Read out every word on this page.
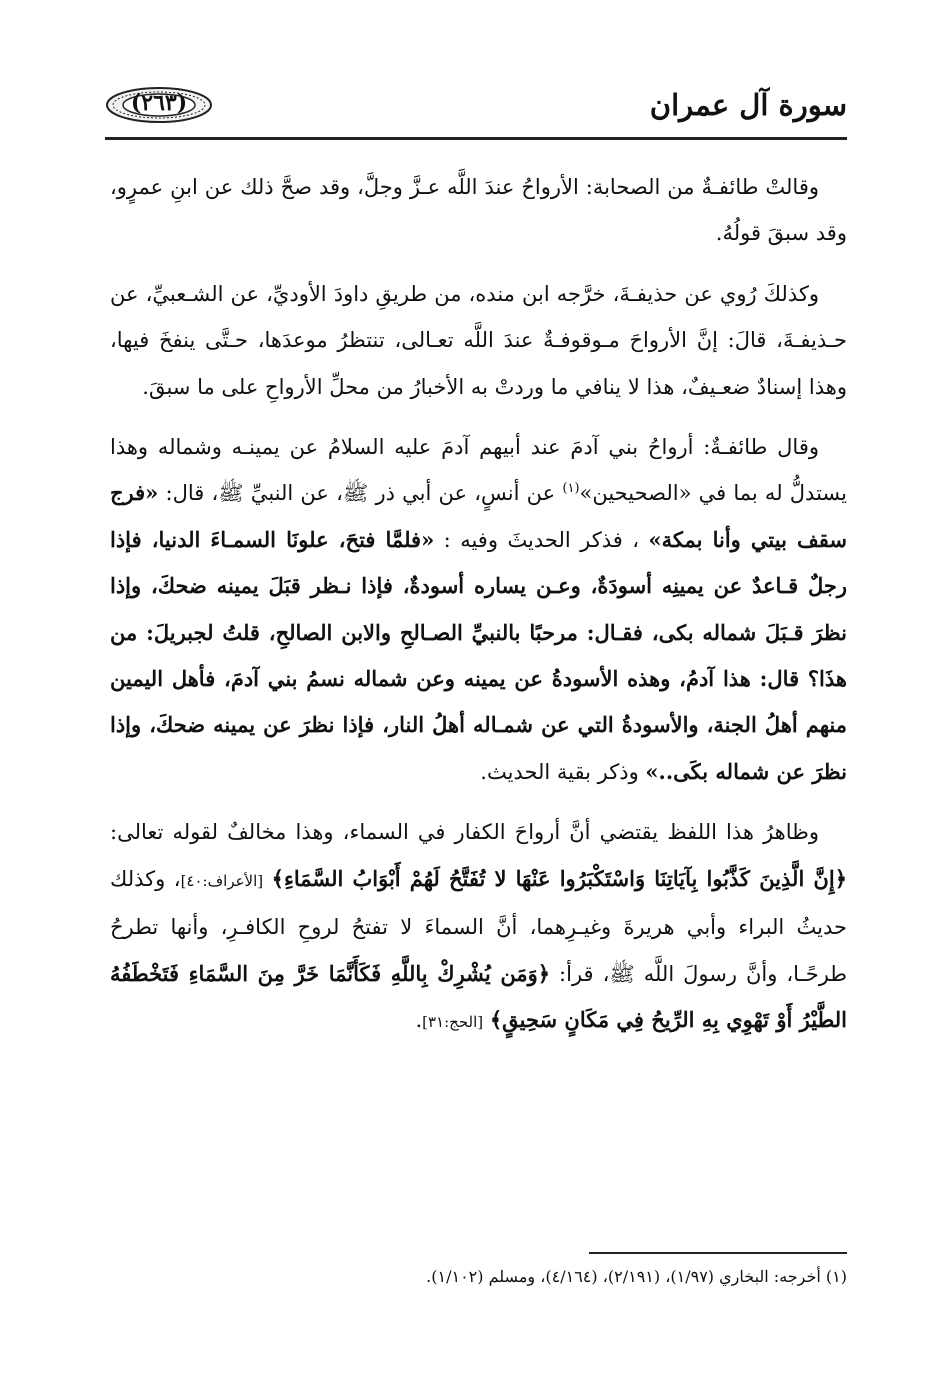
سورة آل عمران
(٢٦٣)

وقالتْ طائفـةٌ من الصحابة: الأرواحُ عندَ اللَّه عـزَّ وجلَّ، وقد صحَّ ذلك عن ابنِ عمرٍو، وقد سبقَ قولُهُ.

وكذلكَ رُوي عن حذيفـةَ، خرَّجه ابن منده، من طريقِ داودَ الأوديِّ، عن الشـعبيِّ، عن حـذيفـةَ، قالَ: إنَّ الأرواحَ مـوقوفـةٌ عندَ اللَّه تعـالى، تنتظرُ موعدَها، حـتَّى ينفخَ فيها، وهذا إسنادٌ ضعـيفٌ، هذا لا ينافي ما وردتْ به الأخبارُ من محلِّ الأرواحِ على ما سبقَ.

وقال طائفـةٌ: أرواحُ بني آدمَ عند أبيهم آدمَ عليه السلامُ عن يمينـه وشماله وهذا يستدلُّ له بما في «الصحيحين»$^{(١)}$ عن أنسٍ، عن أبي ذر ﷺ، عن النبيِّ ﷺ، قال: «فرج سقف بيتي وأنا بمكة» ، فذكر الحديثَ وفيه : «فلمَّا فتحَ، علونَا السمـاءَ الدنيا، فإذا رجلٌ قـاعدٌ عن يمينِه أسودَةٌ، وعـن يساره أسودةٌ، فإذا نـظر قبَلَ يمينه ضحكَ، وإذا نظرَ قـبَلَ شماله بكى، فقـال: مرحبًا بالنبيِّ الصـالحِ والابن الصالحِ، قلتُ لجبريلَ: من هذَا؟ قال: هذا آدمُ، وهذه الأسودةُ عن يمينه وعن شماله نسمُ بني آدمَ، فأهل اليمين منهم أهلُ الجنة، والأسودةُ التي عن شمـاله أهلُ النار، فإذا نظرَ عن يمينه ضحكَ، وإذا نظرَ عن شماله بكَى..» وذكر بقية الحديث.

وظاهرُ هذا اللفظ يقتضي أنَّ أرواحَ الكفار في السماء، وهذا مخالفٌ لقوله تعالى: ﴿إِنَّ الَّذِينَ كَذَّبُوا بِآيَاتِنَا وَاسْتَكْبَرُوا عَنْهَا لا تُفَتَّحُ لَهُمْ أَبْوَابُ السَّمَاءِ﴾ [الأعراف:٤٠]، وكذلك حديثُ البراء وأبي هريرةَ وغيـرِهما، أنَّ السماءَ لا تفتحُ لروحِ الكافـرِ، وأنها تطرحُ طرحًـا، وأنَّ رسولَ اللَّه ﷺ، قرأ: ﴿وَمَن يُشْرِكْ بِاللَّهِ فَكَأَنَّمَا خَرَّ مِنَ السَّمَاءِ فَتَخْطَفُهُ الطَّيْرُ أَوْ تَهْوِي بِهِ الرِّيحُ فِي مَكَانٍ سَحِيقٍ﴾ [الحج:٣١].

(١) أخرجه: البخاري (١/٩٧)، (٢/١٩١)، (٤/١٦٤)، ومسلم (١/١٠٢).
